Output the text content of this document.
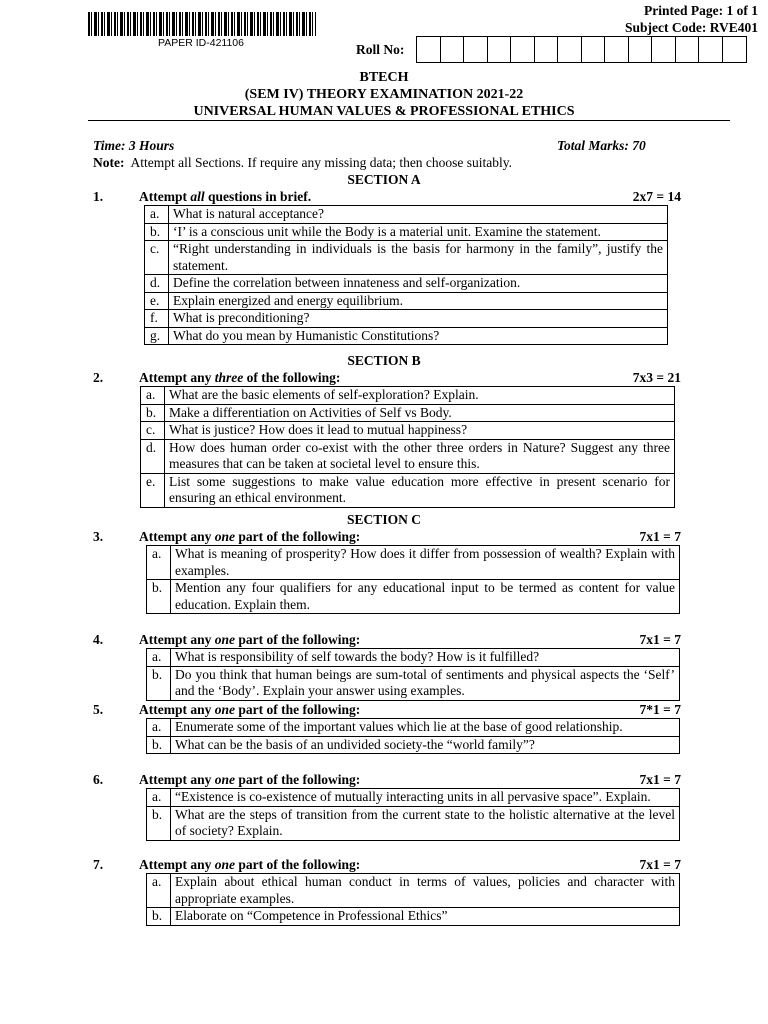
PAPER ID-421106
Printed Page: 1 of 1
Subject Code: RVE401
Roll No:
BTECH
(SEM IV) THEORY EXAMINATION 2021-22
UNIVERSAL HUMAN VALUES & PROFESSIONAL ETHICS
Time: 3 Hours	Total Marks: 70
Note: Attempt all Sections. If require any missing data; then choose suitably.
SECTION A
1.	Attempt all questions in brief.	2x7 = 14
a.	What is natural acceptance?
b.	‘I’ is a conscious unit while the Body is a material unit. Examine the statement.
c.	“Right understanding in individuals is the basis for harmony in the family”, justify the statement.
d.	Define the correlation between innateness and self-organization.
e.	Explain energized and energy equilibrium.
f.	What is preconditioning?
g.	What do you mean by Humanistic Constitutions?
SECTION B
2.	Attempt any three of the following:	7x3 = 21
a.	What are the basic elements of self-exploration? Explain.
b.	Make a differentiation on Activities of Self vs Body.
c.	What is justice? How does it lead to mutual happiness?
d.	How does human order co-exist with the other three orders in Nature? Suggest any three measures that can be taken at societal level to ensure this.
e.	List some suggestions to make value education more effective in present scenario for ensuring an ethical environment.
SECTION C
3.	Attempt any one part of the following:	7x1 = 7
a.	What is meaning of prosperity? How does it differ from possession of wealth? Explain with examples.
b.	Mention any four qualifiers for any educational input to be termed as content for value education. Explain them.
4.	Attempt any one part of the following:	7x1 = 7
a.	What is responsibility of self towards the body? How is it fulfilled?
b.	Do you think that human beings are sum-total of sentiments and physical aspects the ‘Self’ and the ‘Body’. Explain your answer using examples.
5.	Attempt any one part of the following:	7*1 = 7
a.	Enumerate some of the important values which lie at the base of good relationship.
b.	What can be the basis of an undivided society-the “world family”?
6.	Attempt any one part of the following:	7x1 = 7
a.	“Existence is co-existence of mutually interacting units in all pervasive space”. Explain.
b.	What are the steps of transition from the current state to the holistic alternative at the level of society? Explain.
7.	Attempt any one part of the following:	7x1 = 7
a.	Explain about ethical human conduct in terms of values, policies and character with appropriate examples.
b.	Elaborate on “Competence in Professional Ethics”
